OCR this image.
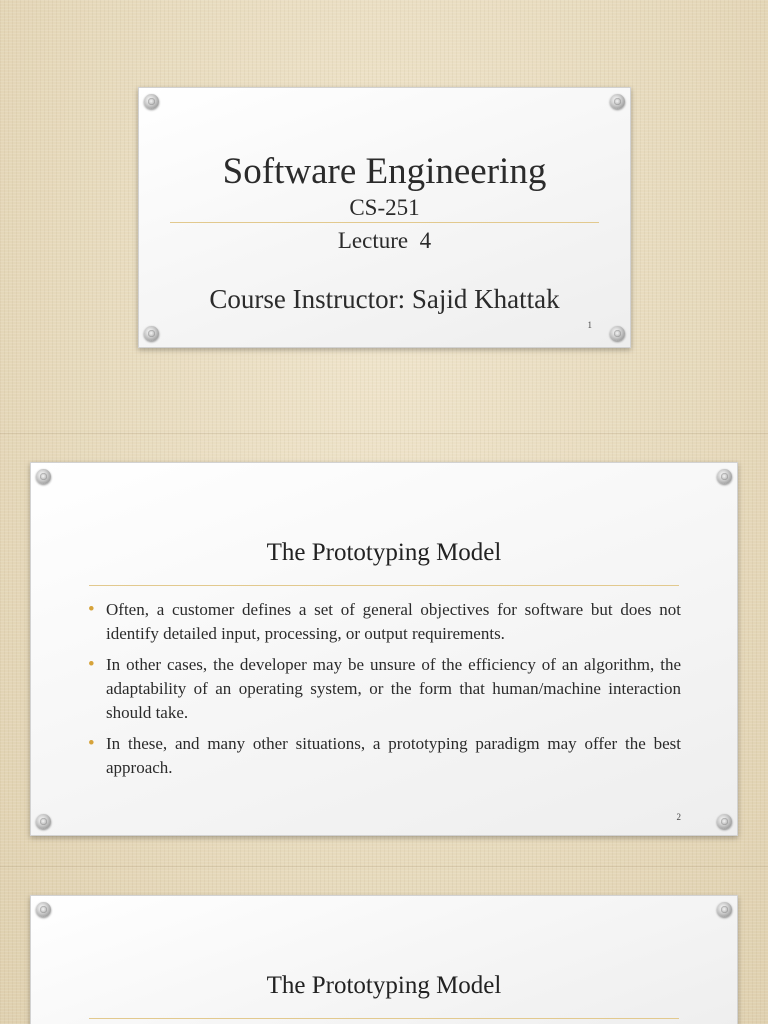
Software Engineering
CS-251
Lecture  4
Course Instructor: Sajid Khattak
1
The Prototyping Model
• Often, a customer defines a set of general objectives for software but does not identify detailed input, processing, or output requirements.
• In other cases, the developer may be unsure of the efficiency of an algorithm, the adaptability of an operating system, or the form that human/machine interaction should take.
• In these, and many other situations, a prototyping paradigm may offer the best approach.
2
The Prototyping Model
